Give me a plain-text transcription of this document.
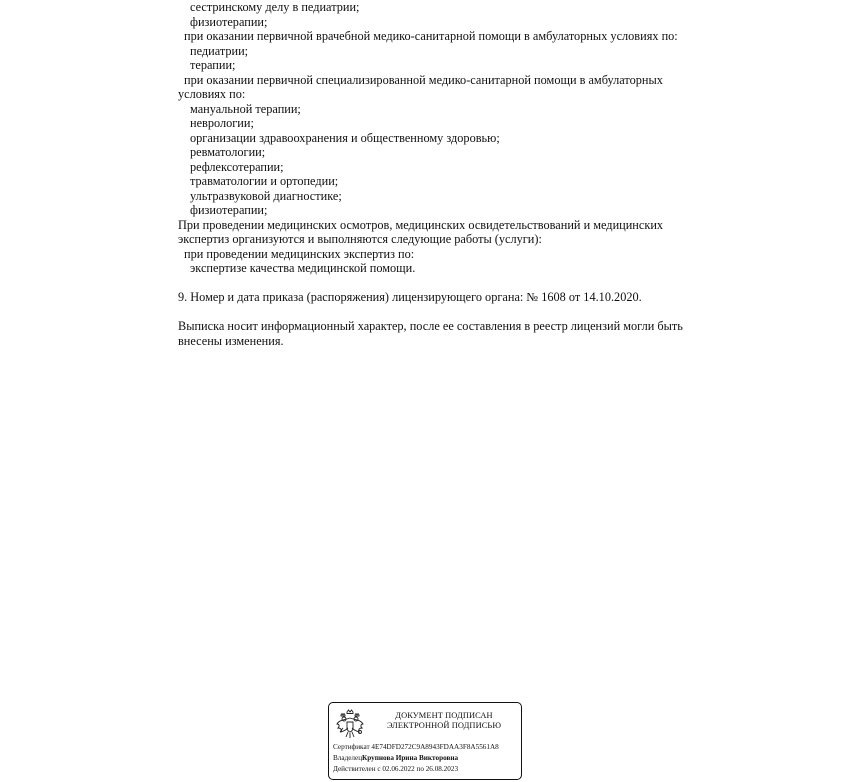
сестринскому делу в педиатрии;
физиотерапии;
при оказании первичной врачебной медико-санитарной помощи в амбулаторных условиях по:
педиатрии;
терапии;
при оказании первичной специализированной медико-санитарной помощи в амбулаторных
условиях по:
мануальной терапии;
неврологии;
организации здравоохранения и общественному здоровью;
ревматологии;
рефлексотерапии;
травматологии и ортопедии;
ультразвуковой диагностике;
физиотерапии;
При проведении медицинских осмотров, медицинских освидетельствований и медицинских
экспертиз организуются и выполняются следующие работы (услуги):
при проведении медицинских экспертиз по:
экспертизе качества медицинской помощи.
9. Номер и дата приказа (распоряжения) лицензирующего органа: № 1608 от 14.10.2020.
Выписка носит информационный характер, после ее составления в реестр лицензий могли быть
внесены изменения.
ДОКУМЕНТ ПОДПИСАН
ЭЛЕКТРОННОЙ ПОДПИСЬЮ
Сертификат 4E74DFD272C9A8943FDAA3F8A5561A8
ВладелецКрупнова Ирина Викторовна
Действителен с 02.06.2022 по 26.08.2023
